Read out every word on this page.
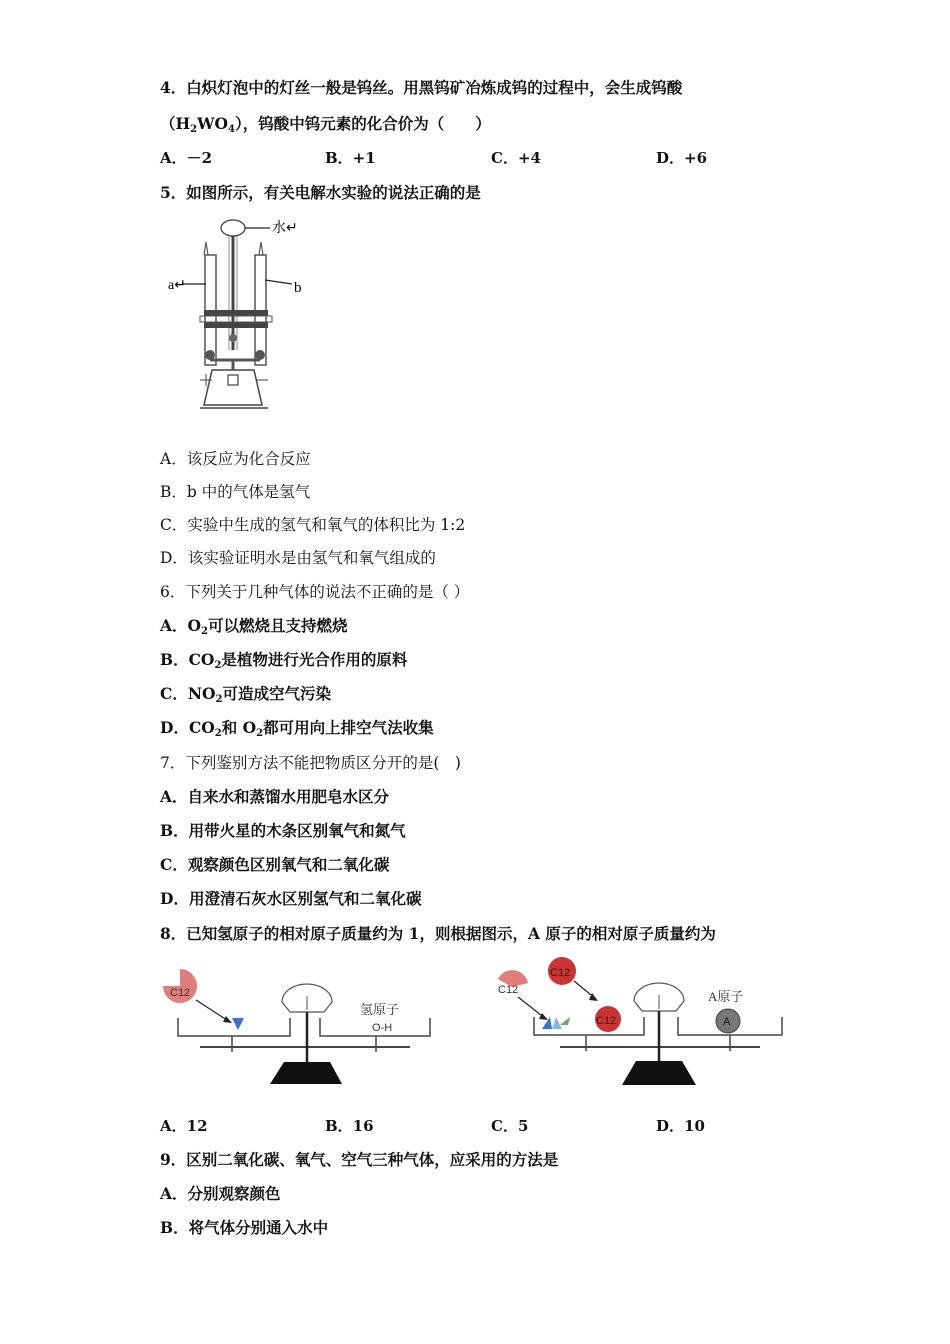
4．白炽灯泡中的灯丝一般是钨丝。用黑钨矿冶炼成钨的过程中，会生成钨酸
（H2WO4），钨酸中钨元素的化合价为（　　）
A．－2	B．+1	C．+4	D．+6
5．如图所示，有关电解水实验的说法正确的是
水↵
a↵	b
A．该反应为化合反应
B．b 中的气体是氢气
C．实验中生成的氢气和氧气的体积比为 1:2
D．该实验证明水是由氢气和氧气组成的
6．下列关于几种气体的说法不正确的是（ ）
A．O2可以燃烧且支持燃烧
B．CO2是植物进行光合作用的原料
C．NO2可造成空气污染
D．CO2和 O2都可用向上排空气法收集
7．下列鉴别方法不能把物质区分开的是(　)
A．自来水和蒸馏水用肥皂水区分
B．用带火星的木条区别氧气和氮气
C．观察颜色区别氧气和二氧化碳
D．用澄清石灰水区别氢气和二氧化碳
8．已知氢原子的相对原子质量约为 1，则根据图示，A 原子的相对原子质量约为
C12
氢原子
O-H
C12
C12
C12
A原子
A
A．12	B．16	C．5	D．10
9．区别二氧化碳、氧气、空气三种气体，应采用的方法是
A．分别观察颜色
B．将气体分别通入水中
